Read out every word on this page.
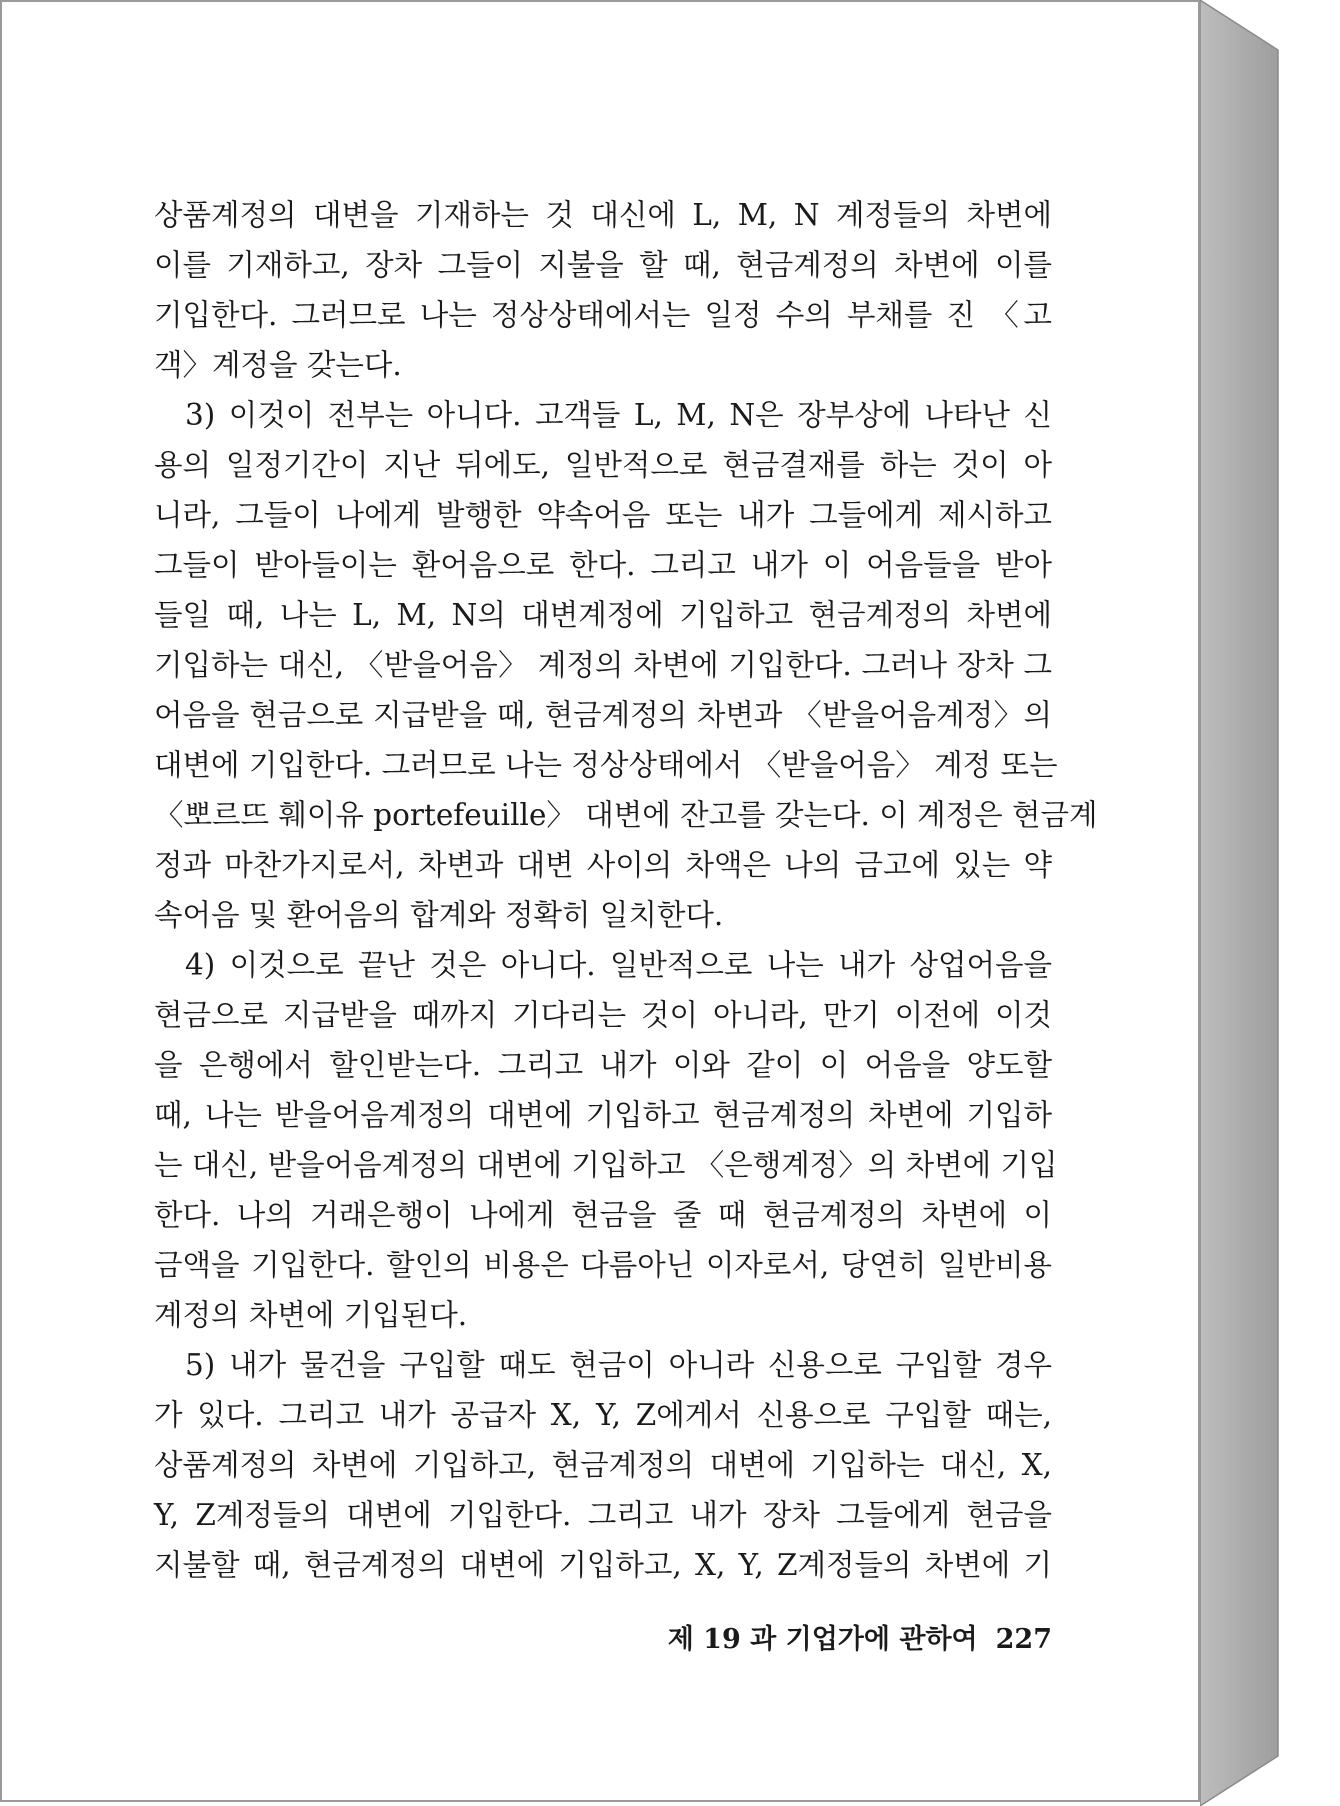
상품계정의 대변을 기재하는 것 대신에 L, M, N 계정들의 차변에
이를 기재하고, 장차 그들이 지불을 할 때, 현금계정의 차변에 이를
기입한다. 그러므로 나는 정상상태에서는 일정 수의 부채를 진 〈고
객〉계정을 갖는다.
3) 이것이 전부는 아니다. 고객들 L, M, N은 장부상에 나타난 신
용의 일정기간이 지난 뒤에도, 일반적으로 현금결재를 하는 것이 아
니라, 그들이 나에게 발행한 약속어음 또는 내가 그들에게 제시하고
그들이 받아들이는 환어음으로 한다. 그리고 내가 이 어음들을 받아
들일 때, 나는 L, M, N의 대변계정에 기입하고 현금계정의 차변에
기입하는 대신, 〈받을어음〉 계정의 차변에 기입한다. 그러나 장차 그
어음을 현금으로 지급받을 때, 현금계정의 차변과 〈받을어음계정〉의
대변에 기입한다. 그러므로 나는 정상상태에서 〈받을어음〉 계정 또는
〈뽀르뜨 훼이유 portefeuille〉 대변에 잔고를 갖는다. 이 계정은 현금계
정과 마찬가지로서, 차변과 대변 사이의 차액은 나의 금고에 있는 약
속어음 및 환어음의 합계와 정확히 일치한다.
4) 이것으로 끝난 것은 아니다. 일반적으로 나는 내가 상업어음을
현금으로 지급받을 때까지 기다리는 것이 아니라, 만기 이전에 이것
을 은행에서 할인받는다. 그리고 내가 이와 같이 이 어음을 양도할
때, 나는 받을어음계정의 대변에 기입하고 현금계정의 차변에 기입하
는 대신, 받을어음계정의 대변에 기입하고 〈은행계정〉의 차변에 기입
한다. 나의 거래은행이 나에게 현금을 줄 때 현금계정의 차변에 이
금액을 기입한다. 할인의 비용은 다름아닌 이자로서, 당연히 일반비용
계정의 차변에 기입된다.
5) 내가 물건을 구입할 때도 현금이 아니라 신용으로 구입할 경우
가 있다. 그리고 내가 공급자 X, Y, Z에게서 신용으로 구입할 때는,
상품계정의 차변에 기입하고, 현금계정의 대변에 기입하는 대신, X,
Y, Z계정들의 대변에 기입한다. 그리고 내가 장차 그들에게 현금을
지불할 때, 현금계정의 대변에 기입하고, X, Y, Z계정들의 차변에 기
제 19 과 기업가에 관하여 227
